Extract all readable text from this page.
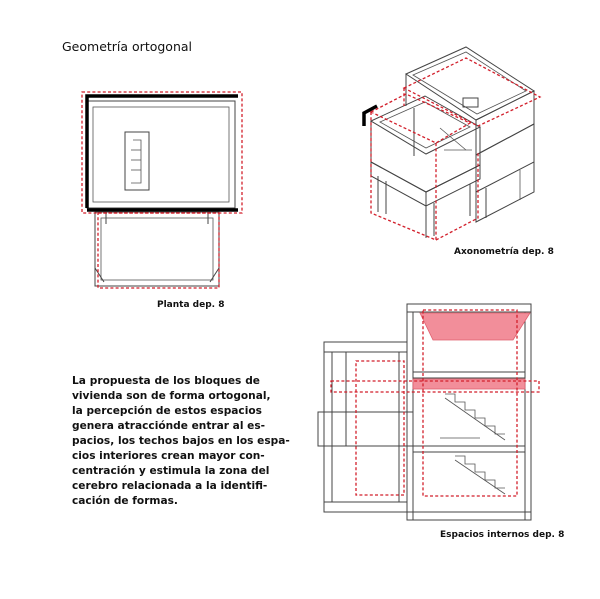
Geometría ortogonal
Planta dep. 8
Axonometría dep. 8
Espacios internos dep. 8

La propuesta de los bloques de
vivienda son de forma ortogonal,
la percepción de estos espacios
genera atracciónde entrar al es-
pacios, los techos bajos en los espa-
cios interiores crean mayor con-
centración y estimula la zona del
cerebro relacionada a la identifi-
cación de formas.
